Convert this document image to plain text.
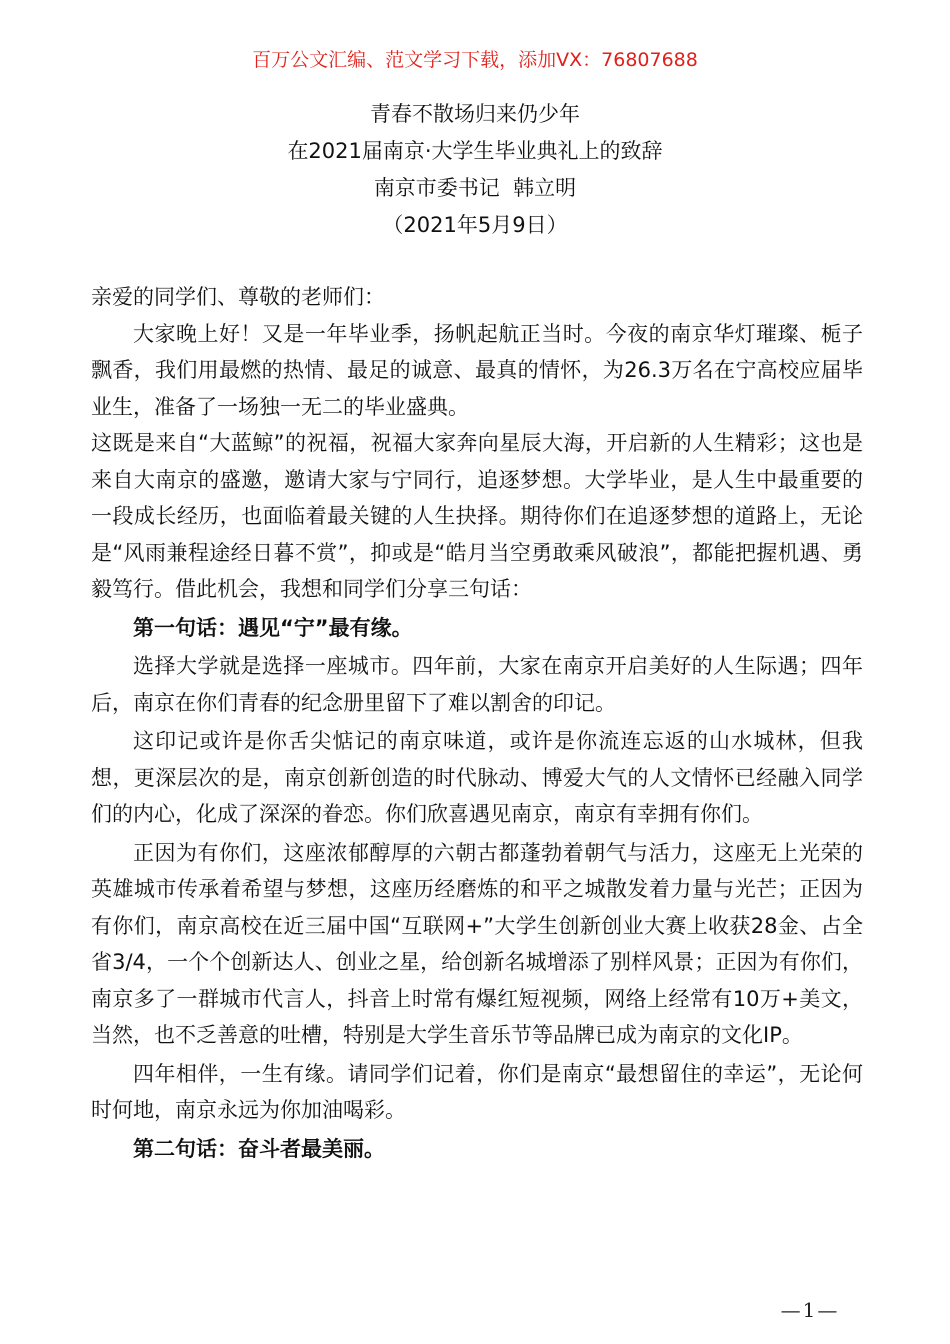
百万公文汇编、范文学习下载，添加VX：76807688
青春不散场归来仍少年
在2021届南京·大学生毕业典礼上的致辞
南京市委书记  韩立明
（2021年5月9日）

亲爱的同学们、尊敬的老师们：

大家晚上好！又是一年毕业季，扬帆起航正当时。今夜的南京华灯璀璨、栀子飘香，我们用最燃的热情、最足的诚意、最真的情怀，为26.3万名在宁高校应届毕业生，准备了一场独一无二的毕业盛典。

这既是来自“大蓝鲸”的祝福，祝福大家奔向星辰大海，开启新的人生精彩；这也是来自大南京的盛邀，邀请大家与宁同行，追逐梦想。大学毕业，是人生中最重要的一段成长经历，也面临着最关键的人生抉择。期待你们在追逐梦想的道路上，无论是“风雨兼程途经日暮不赏”，抑或是“皓月当空勇敢乘风破浪”，都能把握机遇、勇毅笃行。借此机会，我想和同学们分享三句话：

第一句话：遇见“宁”最有缘。

选择大学就是选择一座城市。四年前，大家在南京开启美好的人生际遇；四年后，南京在你们青春的纪念册里留下了难以割舍的印记。

这印记或许是你舌尖惦记的南京味道，或许是你流连忘返的山水城林，但我想，更深层次的是，南京创新创造的时代脉动、博爱大气的人文情怀已经融入同学们的内心，化成了深深的眷恋。你们欣喜遇见南京，南京有幸拥有你们。

正因为有你们，这座浓郁醇厚的六朝古都蓬勃着朝气与活力，这座无上光荣的英雄城市传承着希望与梦想，这座历经磨炼的和平之城散发着力量与光芒；正因为有你们，南京高校在近三届中国“互联网+”大学生创新创业大赛上收获28金、占全省3/4，一个个创新达人、创业之星，给创新名城增添了别样风景；正因为有你们，南京多了一群城市代言人，抖音上时常有爆红短视频，网络上经常有10万+美文，当然，也不乏善意的吐槽，特别是大学生音乐节等品牌已成为南京的文化IP。

四年相伴，一生有缘。请同学们记着，你们是南京“最想留住的幸运”，无论何时何地，南京永远为你加油喝彩。

第二句话：奋斗者最美丽。

—1—
